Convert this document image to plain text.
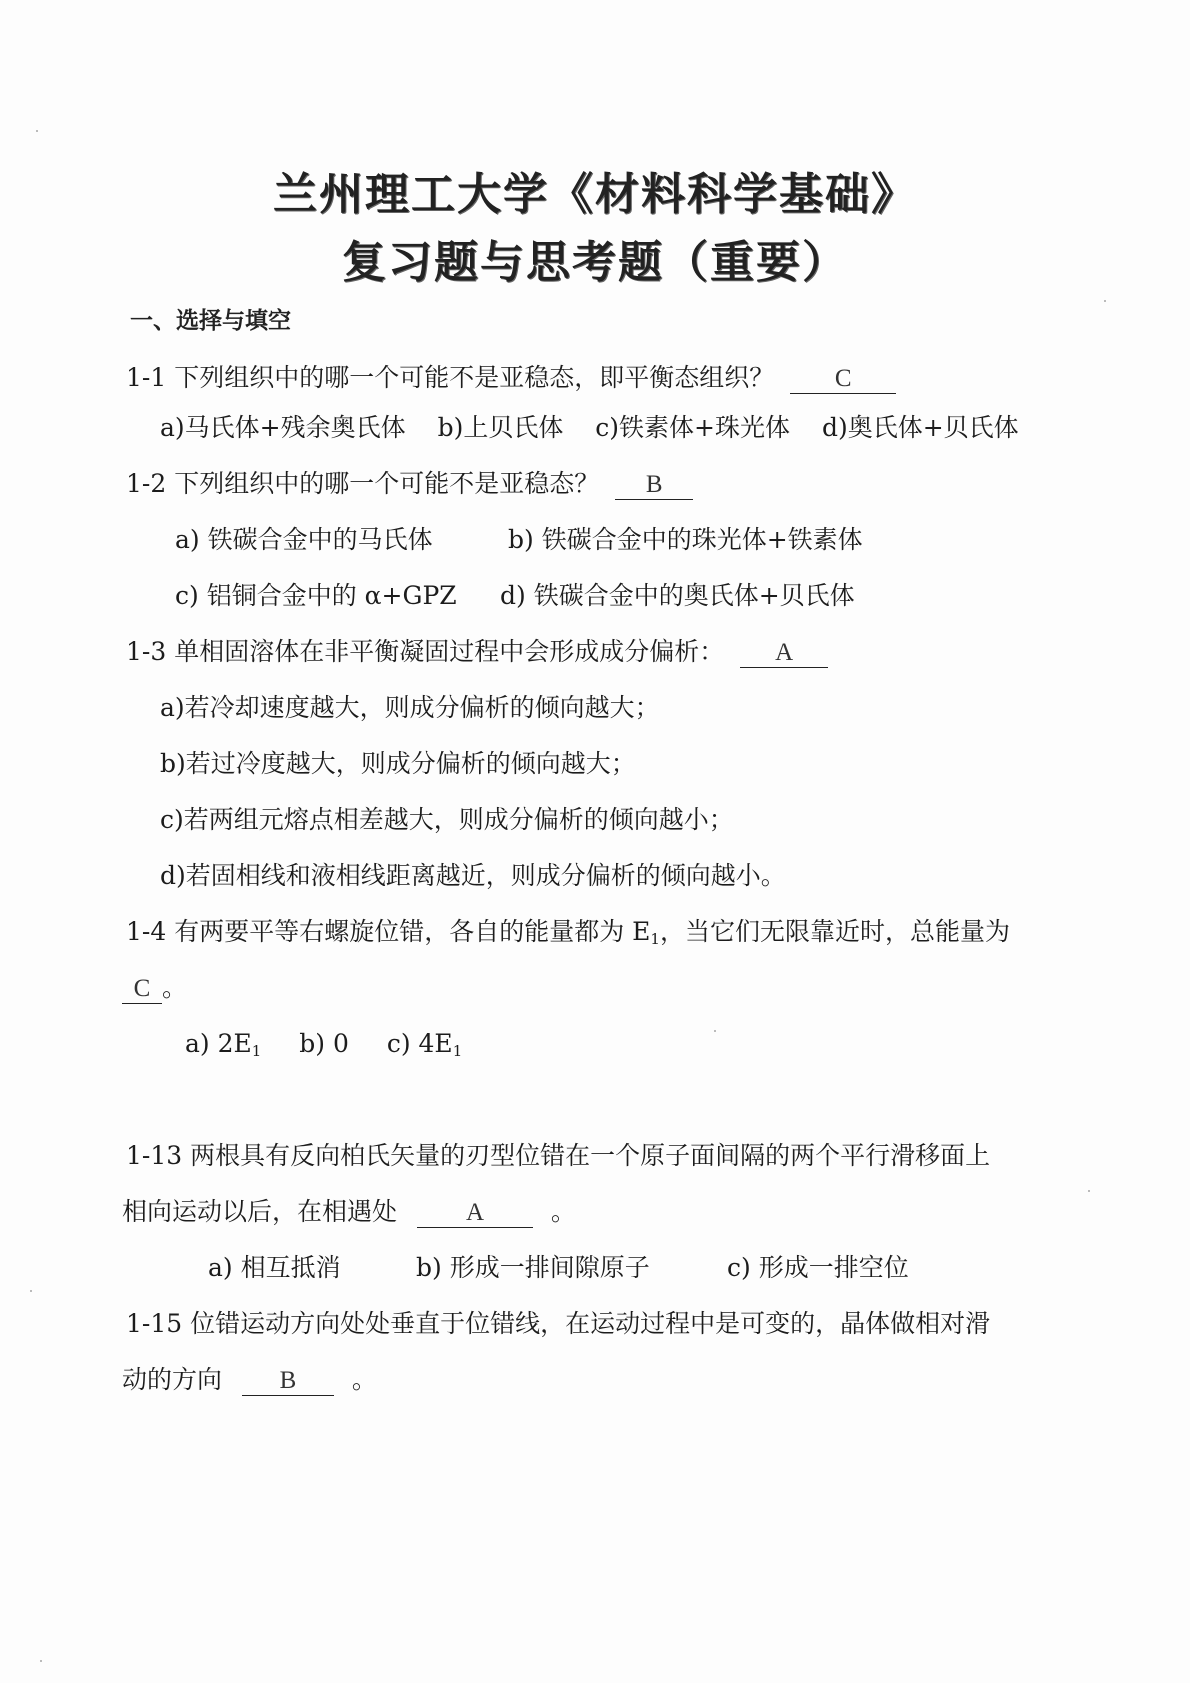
兰州理工大学《材料科学基础》
复习题与思考题（重要）
一、选择与填空
1-1 下列组织中的哪一个可能不是亚稳态，即平衡态组织？ C
a)马氏体+残余奥氏体 b)上贝氏体 c)铁素体+珠光体 d)奥氏体+贝氏体
1-2 下列组织中的哪一个可能不是亚稳态？ B
a) 铁碳合金中的马氏体	b) 铁碳合金中的珠光体+铁素体
c) 铝铜合金中的 α+GPZ d) 铁碳合金中的奥氏体+贝氏体
1-3 单相固溶体在非平衡凝固过程中会形成成分偏析： A
a)若冷却速度越大，则成分偏析的倾向越大；
b)若过冷度越大，则成分偏析的倾向越大；
c)若两组元熔点相差越大，则成分偏析的倾向越小；
d)若固相线和液相线距离越近，则成分偏析的倾向越小。
1-4 有两要平等右螺旋位错，各自的能量都为 $E_1$，当它们无限靠近时，总能量为
C 。
a) $2E_1$ b) 0 c) $4E_1$
1-13 两根具有反向柏氏矢量的刃型位错在一个原子面间隔的两个平行滑移面上
相向运动以后，在相遇处	A	。
a) 相互抵消	b) 形成一排间隙原子	c) 形成一排空位
1-15 位错运动方向处处垂直于位错线，在运动过程中是可变的，晶体做相对滑
动的方向 B 。
